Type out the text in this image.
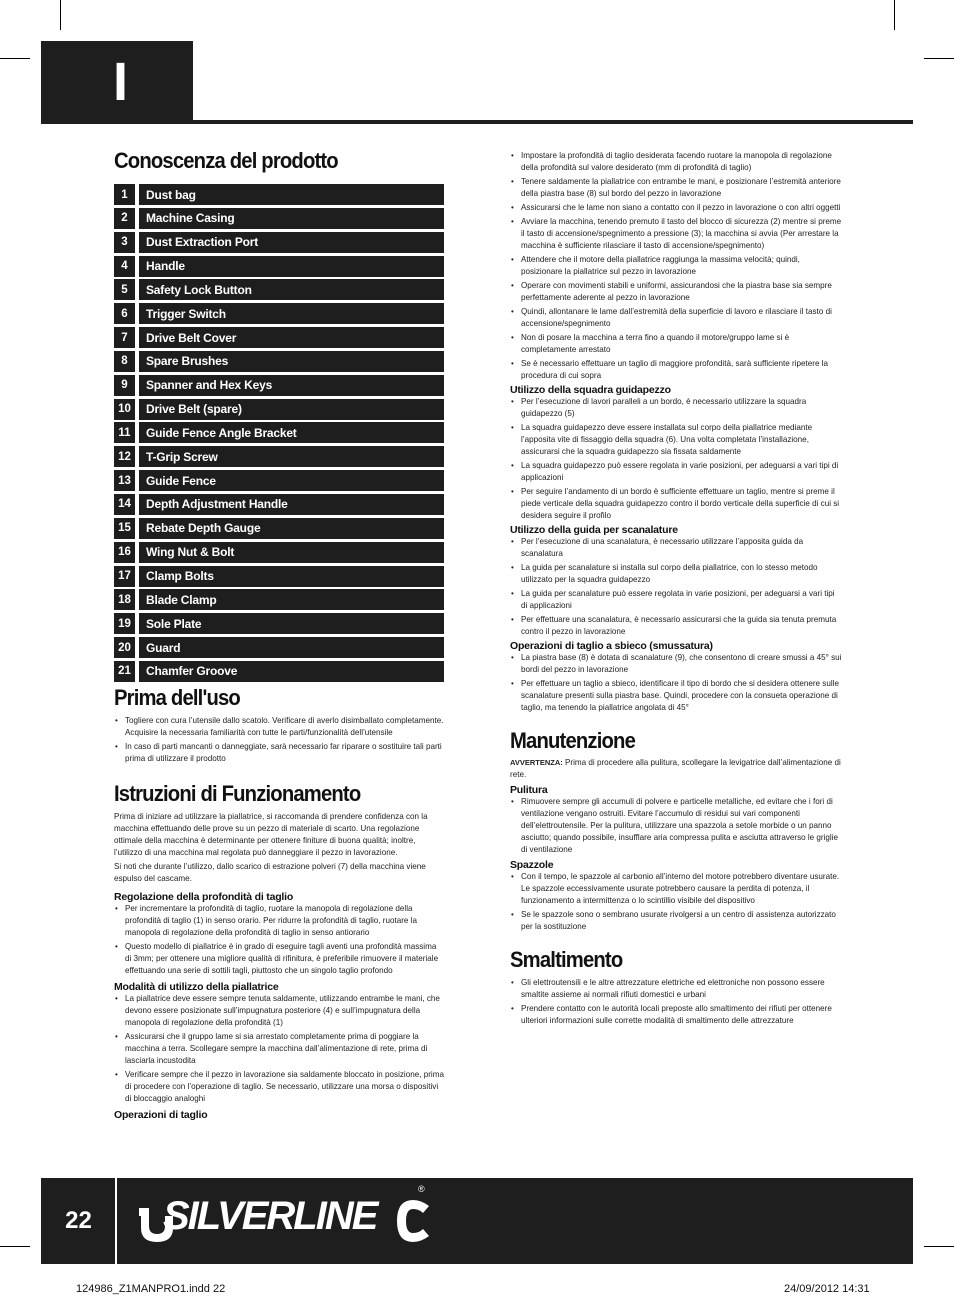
I
Conoscenza del prodotto
1	Dust bag
2	Machine Casing
3	Dust Extraction Port
4	Handle
5	Safety Lock Button
6	Trigger Switch
7	Drive Belt Cover
8	Spare Brushes
9	Spanner and Hex Keys
10	Drive Belt (spare)
11	Guide Fence Angle Bracket
12	T-Grip Screw
13	Guide Fence
14	Depth Adjustment Handle
15	Rebate Depth Gauge
16	Wing Nut & Bolt
17	Clamp Bolts
18	Blade Clamp
19	Sole Plate
20	Guard
21	Chamfer Groove
Prima dell'uso
• Togliere con cura l’utensile dallo scatolo. Verificare di averlo disimballato completamente. Acquisire la necessaria familiarità con tutte le parti/funzionalità dell’utensile
• In caso di parti mancanti o danneggiate, sarà necessario far riparare o sostituire tali parti prima di utilizzare il prodotto
Istruzioni di Funzionamento

Prima di iniziare ad utilizzare la piallatrice, si raccomanda di prendere confidenza con la macchina effettuando delle prove su un pezzo di materiale di scarto. Una regolazione ottimale della macchina è determinante per ottenere finiture di buona qualità; inoltre, l’utilizzo di una macchina mal regolata può danneggiare il pezzo in lavorazione.

Si noti che durante l’utilizzo, dallo scarico di estrazione polveri (7) della macchina viene espulso del cascame.

Regolazione della profondità di taglio
• Per incrementare la profondità di taglio, ruotare la manopola di regolazione della profondità di taglio (1) in senso orario. Per ridurre la profondità di taglio, ruotare la manopola di regolazione della profondità di taglio in senso antiorario
• Questo modello di piallatrice è in grado di eseguire tagli aventi una profondità massima di 3mm; per ottenere una migliore qualità di rifinitura, è preferibile rimuovere il materiale effettuando una serie di sottili tagli, piuttosto che un singolo taglio profondo
Modalità di utilizzo della piallatrice
• La piallatrice deve essere sempre tenuta saldamente, utilizzando entrambe le mani, che devono essere posizionate sull’impugnatura posteriore (4) e sull’impugnatura della manopola di regolazione della profondità (1)
• Assicurarsi che il gruppo lame si sia arrestato completamente prima di poggiare la macchina a terra. Scollegare sempre la macchina dall’alimentazione di rete, prima di lasciarla incustodita
• Verificare sempre che il pezzo in lavorazione sia saldamente bloccato in posizione, prima di procedere con l’operazione di taglio. Se necessario, utilizzare una morsa o dispositivi di bloccaggio analoghi
Operazioni di taglio
• Impostare la profondità di taglio desiderata facendo ruotare la manopola di regolazione della profondità sul valore desiderato (mm di profondità di taglio)
• Tenere saldamente la piallatrice con entrambe le mani, e posizionare l’estremità anteriore della piastra base (8) sul bordo del pezzo in lavorazione
• Assicurarsi che le lame non siano a contatto con il pezzo in lavorazione o con altri oggetti
• Avviare la macchina, tenendo premuto il tasto del blocco di sicurezza (2) mentre si preme il tasto di accensione/spegnimento a pressione (3); la macchina si avvia (Per arrestare la macchina è sufficiente rilasciare il tasto di accensione/spegnimento)
• Attendere che il motore della piallatrice raggiunga la massima velocità; quindi, posizionare la piallatrice sul pezzo in lavorazione
• Operare con movimenti stabili e uniformi, assicurandosi che la piastra base sia sempre perfettamente aderente al pezzo in lavorazione
• Quindi, allontanare le lame dall’estremità della superficie di lavoro e rilasciare il tasto di accensione/spegnimento
• Non di posare la macchina a terra fino a quando il motore/gruppo lame si è completamente arrestato
• Se è necessario effettuare un taglio di maggiore profondità, sarà sufficiente ripetere la procedura di cui sopra
Utilizzo della squadra guidapezzo
• Per l’esecuzione di lavori paralleli a un bordo, è necessario utilizzare la squadra guidapezzo (5)
• La squadra guidapezzo deve essere installata sul corpo della piallatrice mediante l’apposita vite di fissaggio della squadra (6). Una volta completata l’installazione, assicurarsi che la squadra guidapezzo sia fissata saldamente
• La squadra guidapezzo può essere regolata in varie posizioni, per adeguarsi a vari tipi di applicazioni
• Per seguire l’andamento di un bordo è sufficiente effettuare un taglio, mentre si preme il piede verticale della squadra guidapezzo contro il bordo verticale della superficie di cui si desidera seguire il profilo
Utilizzo della guida per scanalature
• Per l’esecuzione di una scanalatura, è necessario utilizzare l’apposita guida da scanalatura
• La guida per scanalature si installa sul corpo della piallatrice, con lo stesso metodo utilizzato per la squadra guidapezzo
• La guida per scanalature può essere regolata in varie posizioni, per adeguarsi a vari tipi di applicazioni
• Per effettuare una scanalatura, è necessario assicurarsi che la guida sia tenuta premuta contro il pezzo in lavorazione
Operazioni di taglio a sbieco (smussatura)
• La piastra base (8) è dotata di scanalature (9), che consentono di creare smussi a 45° sui bordi del pezzo in lavorazione
• Per effettuare un taglio a sbieco, identificare il tipo di bordo che si desidera ottenere sulle scanalature presenti sulla piastra base. Quindi, procedere con la consueta operazione di taglio, ma tenendo la piallatrice angolata di 45°
Manutenzione

AVVERTENZA: Prima di procedere alla pulitura, scollegare la levigatrice dall’alimentazione di rete.

Pulitura
• Rimuovere sempre gli accumuli di polvere e particelle metalliche, ed evitare che i fori di ventilazione vengano ostruiti. Evitare l’accumulo di residui sui vari componenti dell’elettroutensile. Per la pulitura, utilizzare una spazzola a setole morbide o un panno asciutto; quando possibile, insufflare aria compressa pulita e asciutta attraverso le griglie di ventilazione
Spazzole
• Con il tempo, le spazzole al carbonio all’interno del motore potrebbero diventare usurate. Le spazzole eccessivamente usurate potrebbero causare la perdita di potenza, il funzionamento a intermittenza o lo scintillio visibile del dispositivo
• Se le spazzole sono o sembrano usurate rivolgersi a un centro di assistenza autorizzato per la sostituzione
Smaltimento
• Gli elettroutensili e le altre attrezzature elettriche ed elettroniche non possono essere smaltite assieme ai normali rifiuti domestici e urbani
• Prendere contatto con le autorità locali preposte allo smaltimento dei rifiuti per ottenere ulteriori informazioni sulle corrette modalità di smaltimento delle attrezzature
22	SILVERLINE
®
124986_Z1MANPRO1.indd 22	24/09/2012 14:31
